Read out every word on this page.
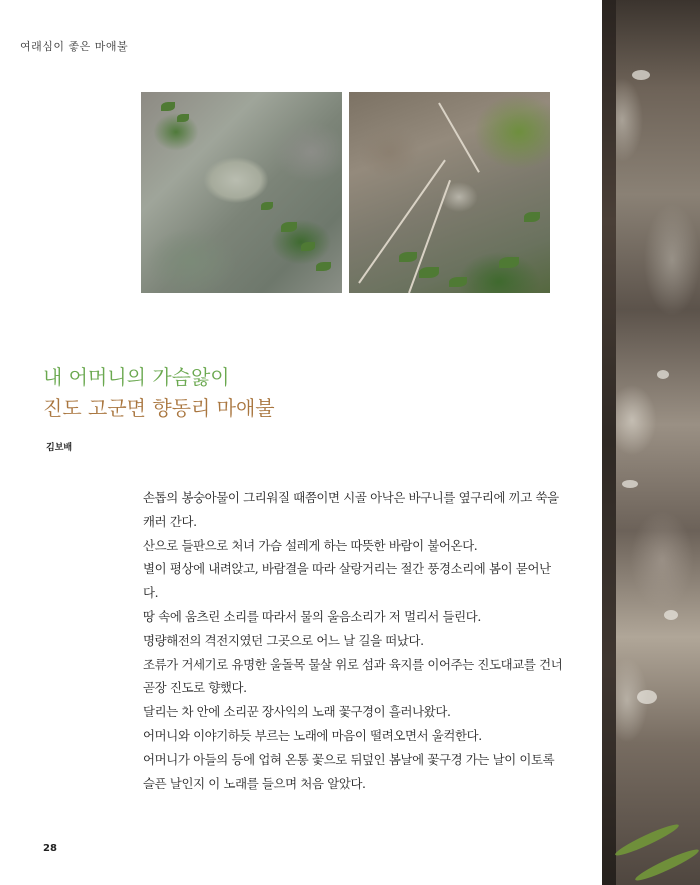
여래심이 좋은 마애불
내 어머니의 가슴앓이
진도 고군면 향동리 마애불
김보배

손톱의 봉숭아물이 그리워질 때쯤이면 시골 아낙은 바구니를 옆구리에 끼고 쑥을 캐러 간다.

산으로 들판으로 처녀 가슴 설레게 하는 따뜻한 바람이 불어온다.

별이 평상에 내려앉고, 바람결을 따라 살랑거리는 절간 풍경소리에 봄이 묻어난다.

땅 속에 움츠린 소리를 따라서 물의 울음소리가 저 멀리서 들린다.

명량해전의 격전지였던 그곳으로 어느 날 길을 떠났다.

조류가 거세기로 유명한 울돌목 물살 위로 섬과 육지를 이어주는 진도대교를 건너 곧장 진도로 향했다.

달리는 차 안에 소리꾼 장사익의 노래 꽃구경이 흘러나왔다.

어머니와 이야기하듯 부르는 노래에 마음이 떨려오면서 울컥한다.

어머니가 아들의 등에 업혀 온통 꽃으로 뒤덮인 봄날에 꽃구경 가는 날이 이토록 슬픈 날인지 이 노래를 들으며 처음 알았다.

28
